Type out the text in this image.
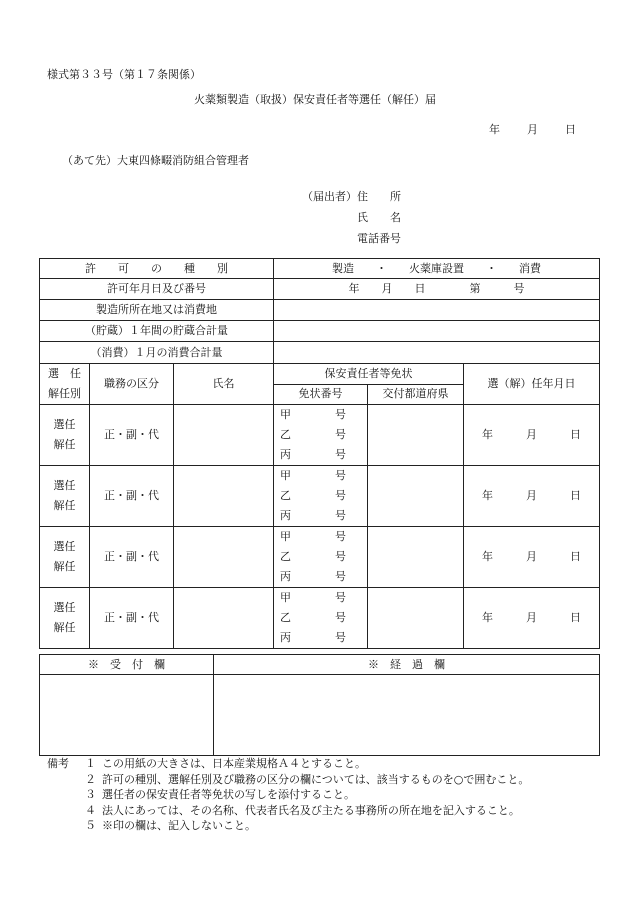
様式第３３号（第１７条関係）
火薬類製造（取扱）保安責任者等選任（解任）届
年 月 日
（あて先）大東四條畷消防組合管理者
（届出者） 住　　所
氏　　名
電話番号
許　　可　　の　　種　　別			製造　　・　　火薬庫設置　　・　　消費		
許可年月日及び番号			年　　月　　日　　　　第　　　号		
製造所所在地又は消費地					
（貯蔵）１年間の貯蔵合計量					
（消費）１月の消費合計量					
選　任
解任別	職務の区分	氏名	保安責任者等免状		選（解）任年月日
			免状番号	交付都道府県	
選任
解任	正・副・代		甲　　　　号		年　　　月　　　日
			乙　　　　号		
			丙　　　　号		
選任
解任	正・副・代		甲　　　　号		年　　　月　　　日
			乙　　　　号		
			丙　　　　号		
選任
解任	正・副・代		甲　　　　号		年　　　月　　　日
			乙　　　　号		
			丙　　　　号		
選任
解任	正・副・代		甲　　　　号		年　　　月　　　日
			乙　　　　号		
			丙　　　　号		
※　受　付　欄	※　経　過　欄

備考	１ この用紙の大きさは、日本産業規格Ａ４とすること。
２ 許可の種別、選解任別及び職務の区分の欄については、該当するものを○で囲むこと。
３ 選任者の保安責任者等免状の写しを添付すること。
４ 法人にあっては、その名称、代表者氏名及び主たる事務所の所在地を記入すること。
５ ※印の欄は、記入しないこと。
